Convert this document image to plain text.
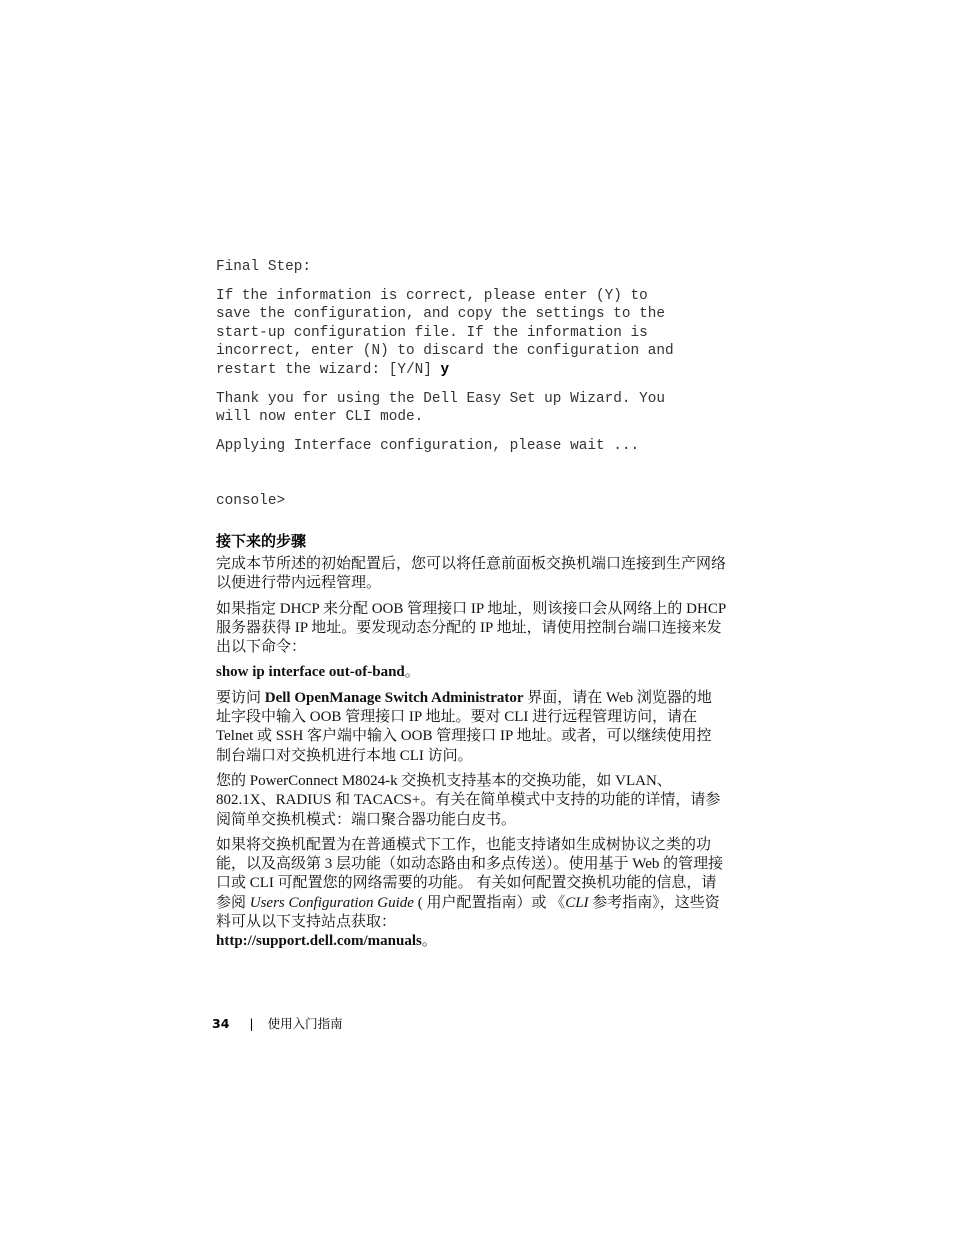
Final Step:
If the information is correct, please enter (Y) to
save the configuration, and copy the settings to the
start-up configuration file. If the information is
incorrect, enter (N) to discard the configuration and
restart the wizard: [Y/N] y
Thank you for using the Dell Easy Set up Wizard. You
will now enter CLI mode.
Applying Interface configuration, please wait ...
console>
接下来的步骤

完成本节所述的初始配置后，您可以将任意前面板交换机端口连接到生产网络以便进行带内远程管理。

如果指定 DHCP 来分配 OOB 管理接口 IP 地址，则该接口会从网络上的 DHCP 服务器获得 IP 地址。要发现动态分配的 IP 地址，请使用控制台端口连接来发出以下命令：

show ip interface out-of-band。

要访问 Dell OpenManage Switch Administrator 界面，请在 Web 浏览器的地址字段中输入 OOB 管理接口 IP 地址。要对 CLI 进行远程管理访问，请在 Telnet 或 SSH 客户端中输入 OOB 管理接口 IP 地址。或者，可以继续使用控制台端口对交换机进行本地 CLI 访问。

您的 PowerConnect M8024-k 交换机支持基本的交换功能，如 VLAN、802.1X、RADIUS 和 TACACS+。有关在简单模式中支持的功能的详情，请参阅简单交换机模式：端口聚合器功能白皮书。

如果将交换机配置为在普通模式下工作，也能支持诸如生成树协议之类的功能，以及高级第 3 层功能（如动态路由和多点传送）。使用基于 Web 的管理接口或 CLI 可配置您的网络需要的功能。 有关如何配置交换机功能的信息，请参阅 Users Configuration Guide ( 用户配置指南）或 《CLI 参考指南》，这些资料可从以下支持站点获取：
http://support.dell.com/manuals。

34 | 使用入门指南
